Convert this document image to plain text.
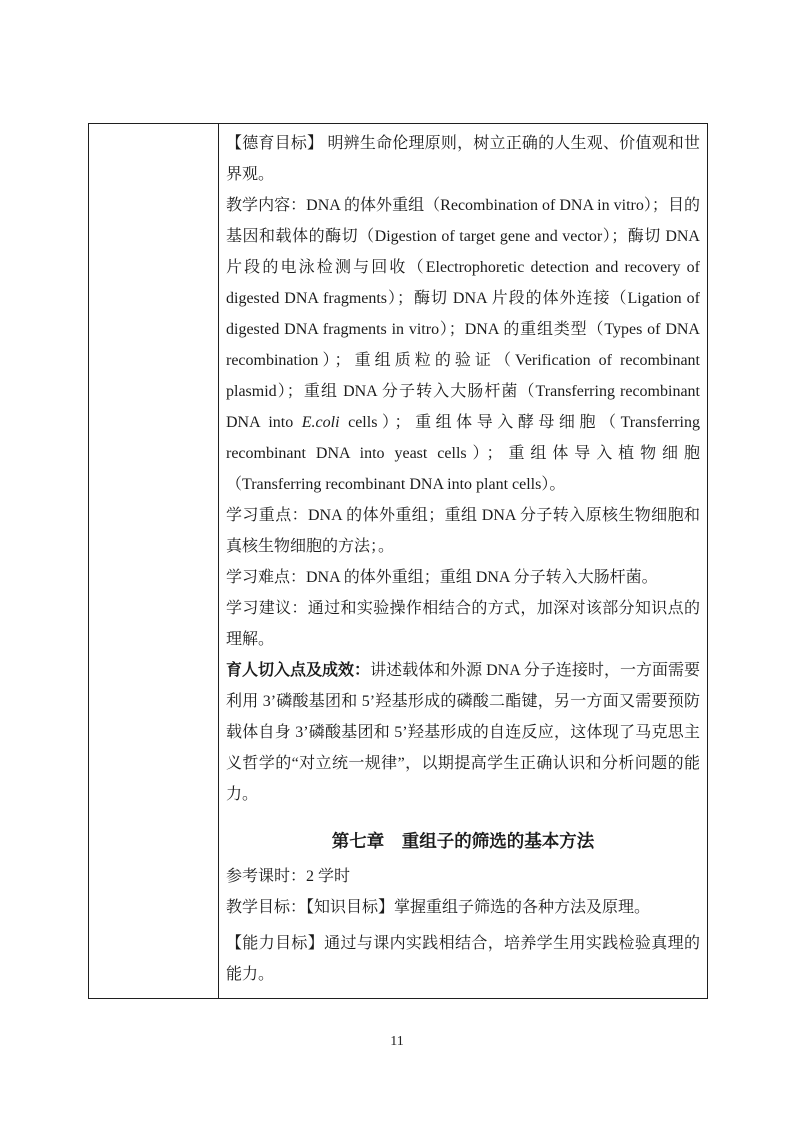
【德育目标】 明辨生命伦理原则，树立正确的人生观、价值观和世界观。

教学内容：DNA 的体外重组（Recombination of DNA in vitro）；目的基因和载体的酶切（Digestion of target gene and vector）；酶切 DNA 片段的电泳检测与回收（Electrophoretic detection and recovery of digested DNA fragments）；酶切 DNA 片段的体外连接（Ligation of digested DNA fragments in vitro）；DNA 的重组类型（Types of DNA recombination）；重组质粒的验证（Verification of recombinant plasmid）；重组 DNA 分子转入大肠杆菌（Transferring recombinant DNA into E.coli cells）；重组体导入酵母细胞（Transferring recombinant DNA into yeast cells）；重组体导入植物细胞（Transferring recombinant DNA into plant cells）。

学习重点：DNA 的体外重组；重组 DNA 分子转入原核生物细胞和真核生物细胞的方法；。

学习难点：DNA 的体外重组；重组 DNA 分子转入大肠杆菌。

学习建议：通过和实验操作相结合的方式，加深对该部分知识点的理解。

育人切入点及成效：讲述载体和外源 DNA 分子连接时，一方面需要利用 3’磷酸基团和 5’羟基形成的磷酸二酯键，另一方面又需要预防载体自身 3’磷酸基团和 5’羟基形成的自连反应，这体现了马克思主义哲学的“对立统一规律”，以期提高学生正确认识和分析问题的能力。

第七章　重组子的筛选的基本方法

参考课时：2 学时

教学目标：【知识目标】掌握重组子筛选的各种方法及原理。

【能力目标】通过与课内实践相结合，培养学生用实践检验真理的能力。

11
